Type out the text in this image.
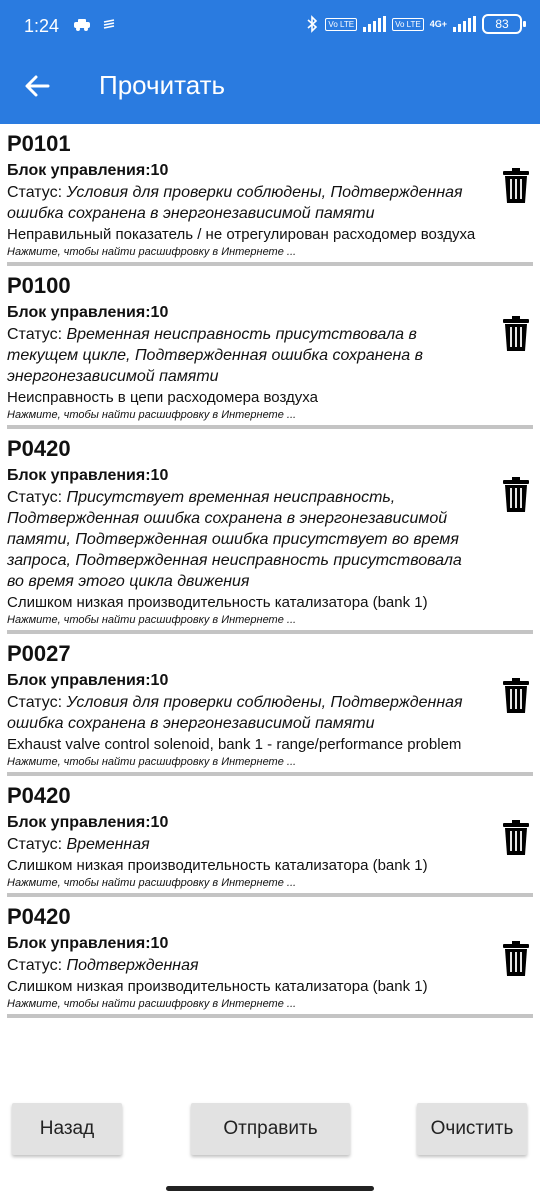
1:24	Vo LTE	Vo LTE	4G+	83
Прочитать
P0101
Блок управления:10
Статус: Условия для проверки соблюдены, Подтвержденная ошибка сохранена в энергонезависимой памяти
Неправильный показатель / не отрегулирован расходомер воздуха
Нажмите, чтобы найти расшифровку в Интернете ...
P0100
Блок управления:10
Статус: Временная неисправность присутствовала в текущем цикле, Подтвержденная ошибка сохранена в энергонезависимой памяти
Неисправность в цепи расходомера воздуха
Нажмите, чтобы найти расшифровку в Интернете ...
P0420
Блок управления:10
Статус: Присутствует временная неисправность, Подтвержденная ошибка сохранена в энергонезависимой памяти, Подтвержденная ошибка присутствует во время запроса, Подтвержденная неисправность присутствовала во время этого цикла движения
Слишком низкая производительность катализатора (bank 1)
Нажмите, чтобы найти расшифровку в Интернете ...
P0027
Блок управления:10
Статус: Условия для проверки соблюдены, Подтвержденная ошибка сохранена в энергонезависимой памяти
Exhaust valve control solenoid, bank 1 - range/performance problem
Нажмите, чтобы найти расшифровку в Интернете ...
P0420
Блок управления:10
Статус: Временная
Слишком низкая производительность катализатора (bank 1)
Нажмите, чтобы найти расшифровку в Интернете ...
P0420
Блок управления:10
Статус: Подтвержденная
Слишком низкая производительность катализатора (bank 1)
Нажмите, чтобы найти расшифровку в Интернете ...
Назад	Отправить	Очистить
